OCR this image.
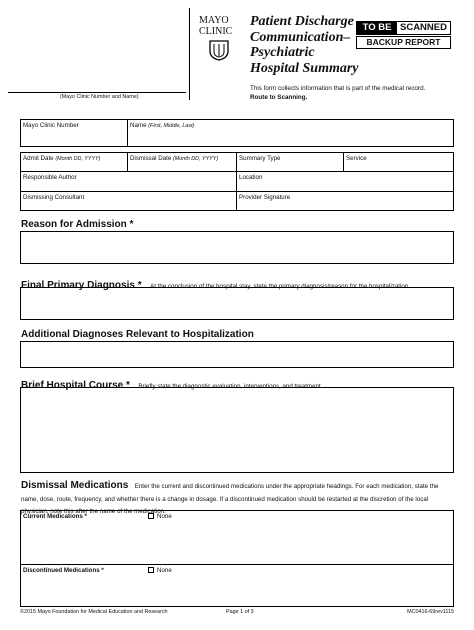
MAYO
CLINIC
Patient Discharge
Communication–
Psychiatric
Hospital Summary
TO BE SCANNED
BACKUP REPORT
(Mayo Clinic Number and Name)
This form collects information that is part of the medical record.
Route to Scanning.
Mayo Clinic Number	Name (First, Middle, Last)
Admit Date (Month DD, YYYY)	Dismissal Date (Month DD, YYYY)	Summary Type	Service
Responsible Author	Location
Dismissing Consultant	Provider Signature
Reason for Admission *
Final Primary Diagnosis * At the conclusion of the hospital stay, state the primary diagnosis/reason for the hospitalization.
Additional Diagnoses Relevant to Hospitalization
Brief Hospital Course * Briefly state the diagnostic evaluation, interventions, and treatment.
Dismissal Medications Enter the current and discontinued medications under the appropriate headings. For each medication, state the name, dose, route, frequency, and whether there is a change in dosage. If a discontinued medication should be restarted at the discretion of the local physician, note this after the name of the medication.
Current Medications *	None
Discontinued Medications *	None
©2015 Mayo Foundation for Medical Education and Research	Page 1 of 3	MC0416-69rev1115
